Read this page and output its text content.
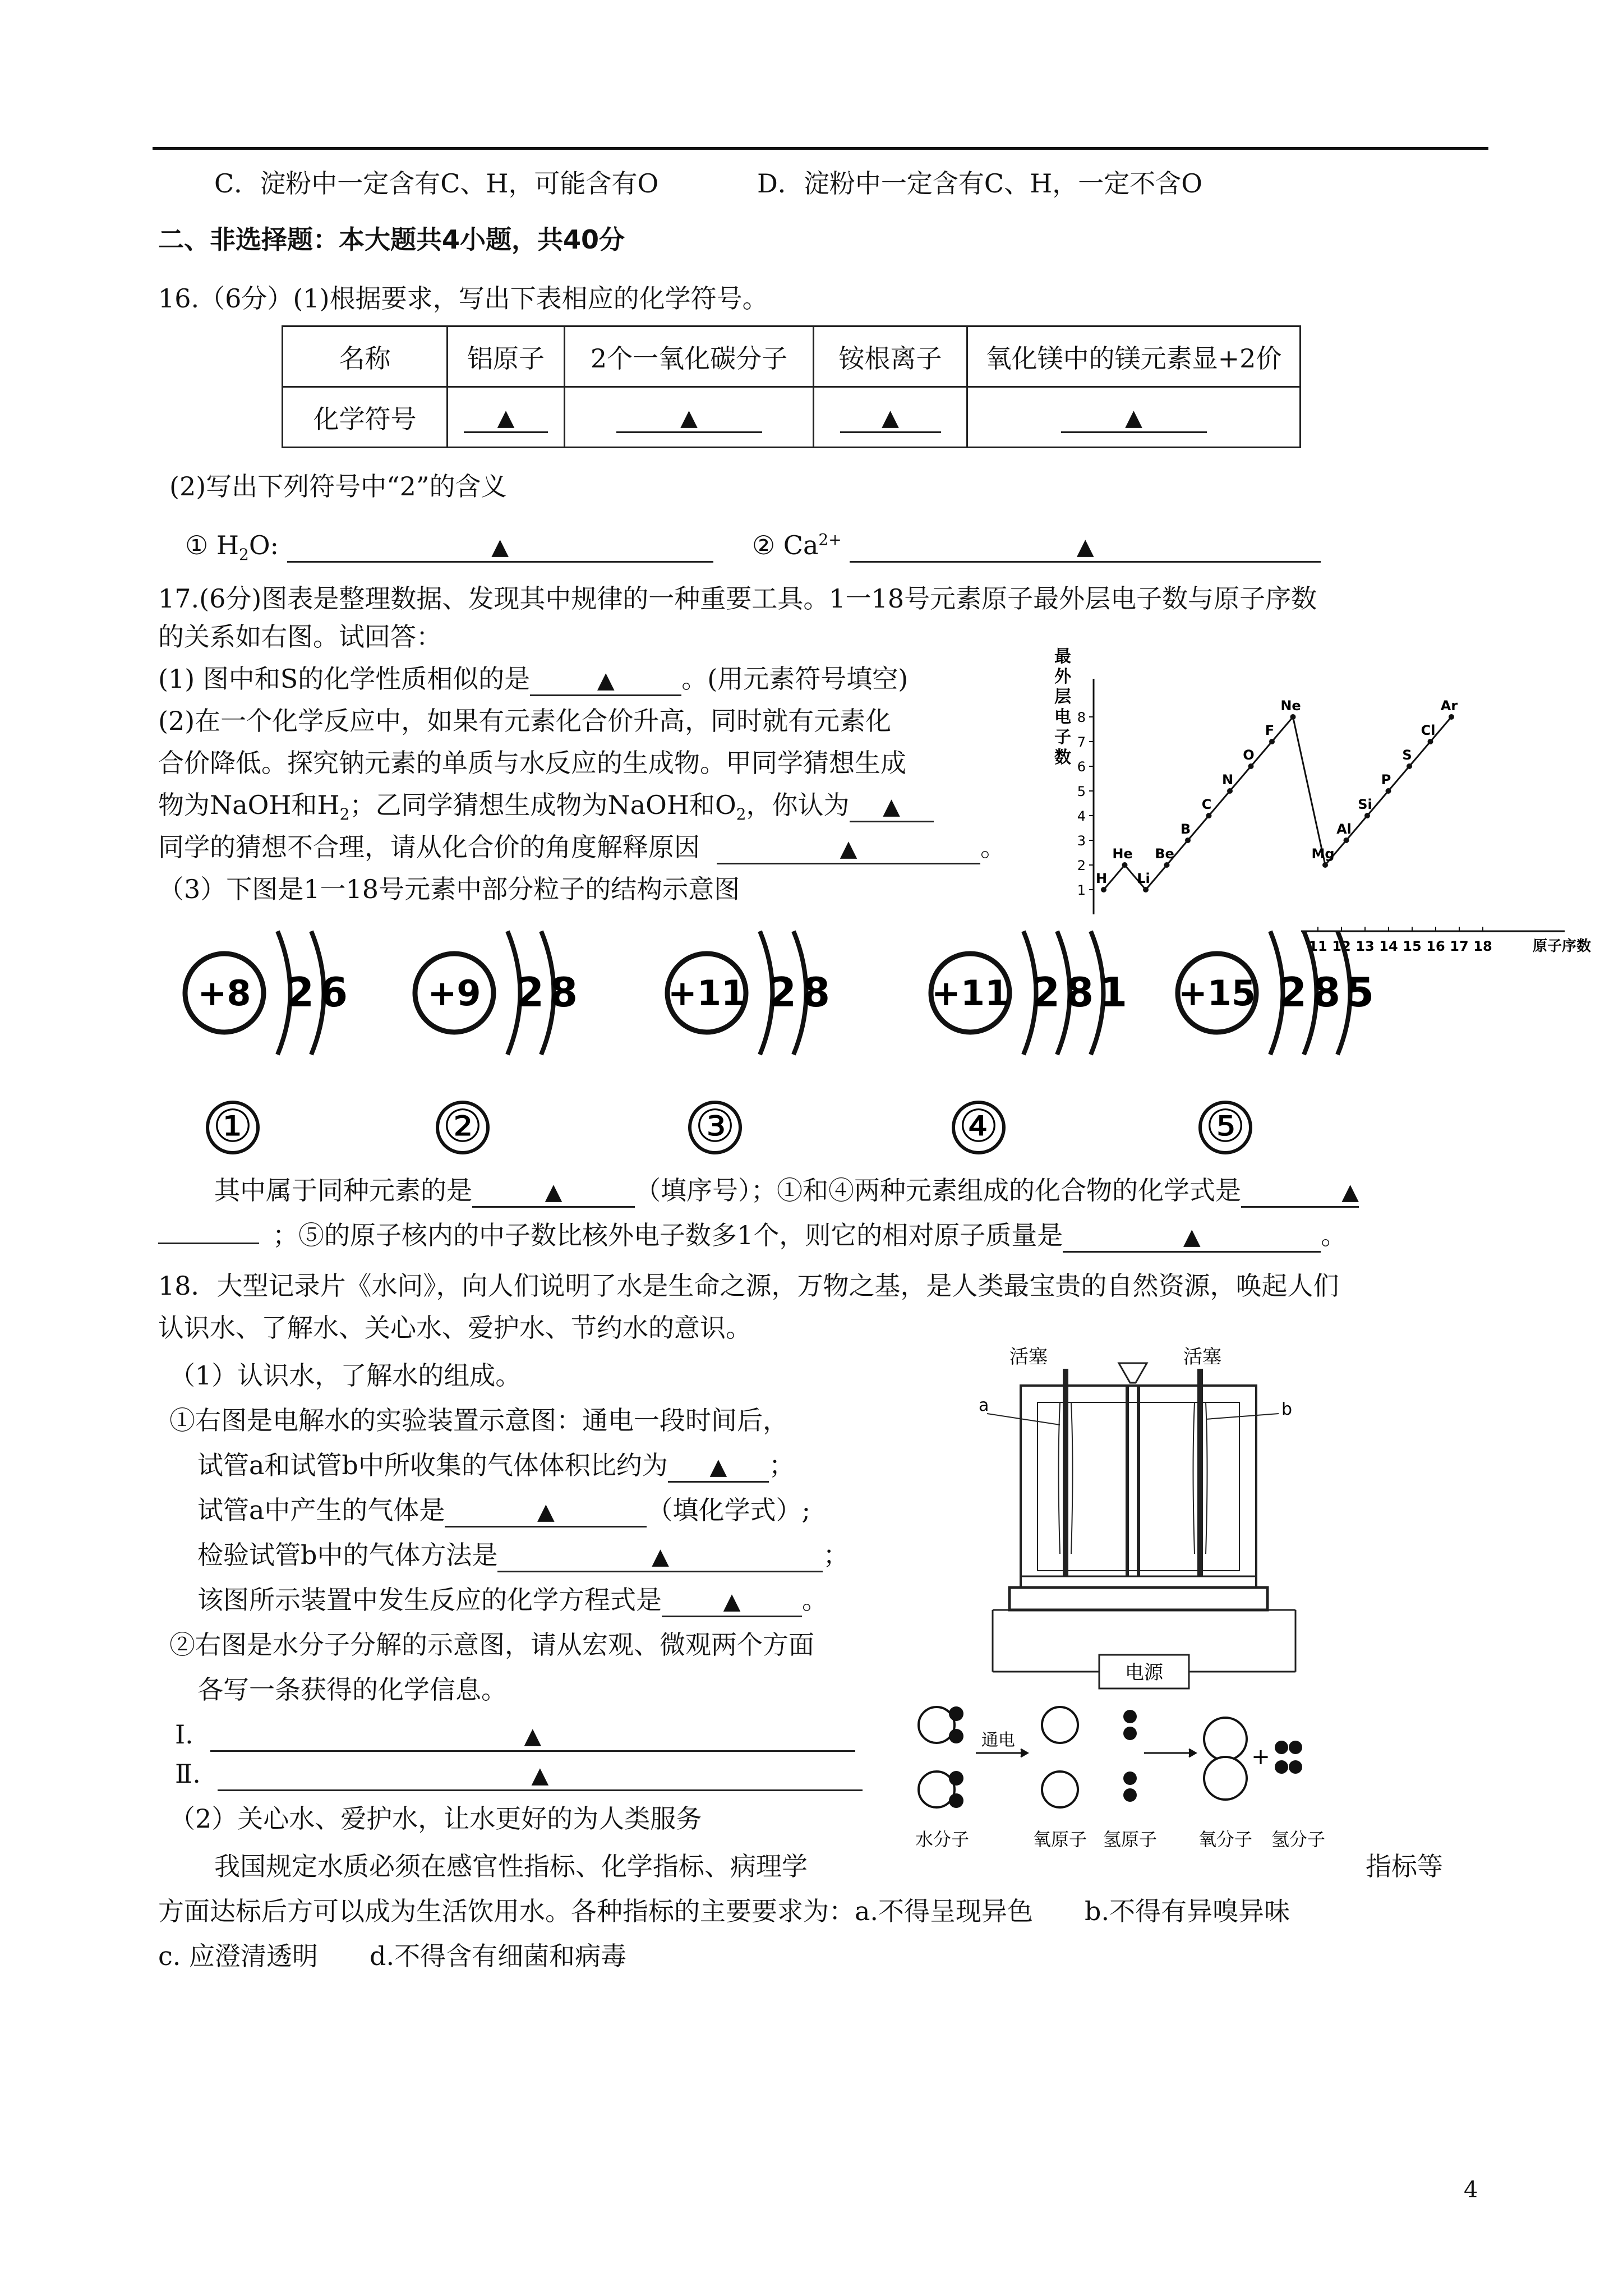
C．淀粉中一定含有C、H，可能含有O	D．淀粉中一定含有C、H，一定不含O
二、非选择题：本大题共4小题，共40分
16.（6分）(1)根据要求，写出下表相应的化学符号。
名称	铝原子	2个一氧化碳分子	铵根离子	氧化镁中的镁元素显+2价
化学符号	▲	▲	▲	▲
(2)写出下列符号中“2”的含义
① $H_2O$:	▲	② $Ca^{2+}$	▲
17.(6分)图表是整理数据、发现其中规律的一种重要工具。1一18号元素原子最外层电子数与原子序数
的关系如右图。试回答：
(1) 图中和S的化学性质相似的是	▲	。(用元素符号填空)
(2)在一个化学反应中，如果有元素化合价升高，同时就有元素化
合价降低。探究钠元素的单质与水反应的生成物。甲同学猜想生成
物为NaOH和$H_2$；乙同学猜想生成物为NaOH和$O_2$，你认为 ▲
同学的猜想不合理，请从化合价的角度解释原因	▲	。
（3）下图是1一18号元素中部分粒子的结构示意图
最
外
层
电
子
数
1
2
3
4
5
6
7
8
11 12 13 14 15 16 17 18	原子序数
H
He
Li
Be
B
C
N
O
F
Ne
Mg
Al
Si
P
S
Cl
Ar
+8 2 6
①
+9 2 8
②
+11 2 8
③
+11 2 8 1
④
+15 2 8 5
⑤
其中属于同种元素的是	▲	（填序号）；①和④两种元素组成的化合物的化学式是	▲
；⑤的原子核内的中子数比核外电子数多1个，则它的相对原子质量是	▲	。
18．大型记录片《水问》，向人们说明了水是生命之源，万物之基，是人类最宝贵的自然资源，唤起人们
认识水、了解水、关心水、爱护水、节约水的意识。
（1）认识水，了解水的组成。
①右图是电解水的实验装置示意图：通电一段时间后，
试管a和试管b中所收集的气体体积比约为 ▲ ；
试管a中产生的气体是	▲	（填化学式）;
检验试管b中的气体方法是	▲	；
该图所示装置中发生反应的化学方程式是	▲ 。
②右图是水分子分解的示意图，请从宏观、微观两个方面
各写一条获得的化学信息。
Ⅰ.	▲
Ⅱ.	▲
（2）关心水、爱护水，让水更好的为人类服务
我国规定水质必须在感官性指标、化学指标、病理学	指标等
方面达标后方可以成为生活饮用水。各种指标的主要要求为：a.不得呈现异色　　b.不得有异嗅异味
c. 应澄清透明　　d.不得含有细菌和病毒
活塞	活塞
a	b
电源
通电
+
水分子	氧原子 氢原子 氧分子 氢分子
4
